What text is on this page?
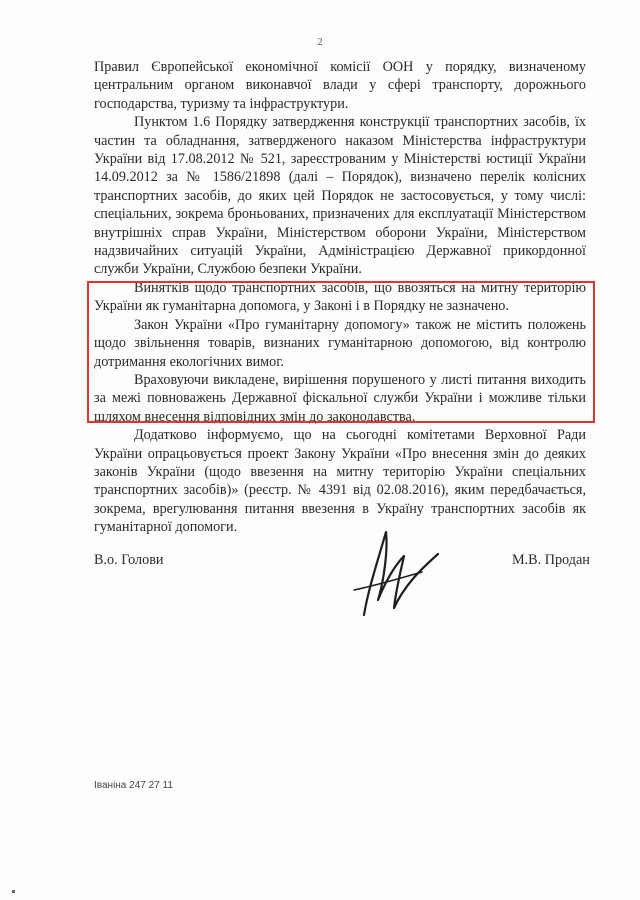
2

Правил Європейської економічної комісії ООН у порядку, визначеному центральним органом виконавчої влади у сфері транспорту, дорожнього господарства, туризму та інфраструктури.

Пунктом 1.6 Порядку затвердження конструкції транспортних засобів, їх частин та обладнання, затвердженого наказом Міністерства інфраструктури України від 17.08.2012 № 521, зареєстрованим у Міністерстві юстиції України 14.09.2012 за № 1586/21898 (далі – Порядок), визначено перелік колісних транспортних засобів, до яких цей Порядок не застосовується, у тому числі: спеціальних, зокрема броньованих, призначених для експлуатації Міністерством внутрішніх справ України, Міністерством оборони України, Міністерством надзвичайних ситуацій України, Адміністрацією Державної прикордонної служби України, Службою безпеки України.

Винятків щодо транспортних засобів, що ввозяться на митну територію України як гуманітарна допомога, у Законі і в Порядку не зазначено.

Закон України «Про гуманітарну допомогу» також не містить положень щодо звільнення товарів, визнаних гуманітарною допомогою, від контролю дотримання екологічних вимог.

Враховуючи викладене, вирішення порушеного у листі питання виходить за межі повноважень Державної фіскальної служби України і можливе тільки шляхом внесення відповідних змін до законодавства.

Додатково інформуємо, що на сьогодні комітетами Верховної Ради України опрацьовується проект Закону України «Про внесення змін до деяких законів України (щодо ввезення на митну територію України спеціальних транспортних засобів)» (реєстр. № 4391 від 02.08.2016), яким передбачається, зокрема, врегулювання питання ввезення в Україну транспортних засобів як гуманітарної допомоги.

В.о. Голови	М.В. Продан
Іваніна 247 27 11
